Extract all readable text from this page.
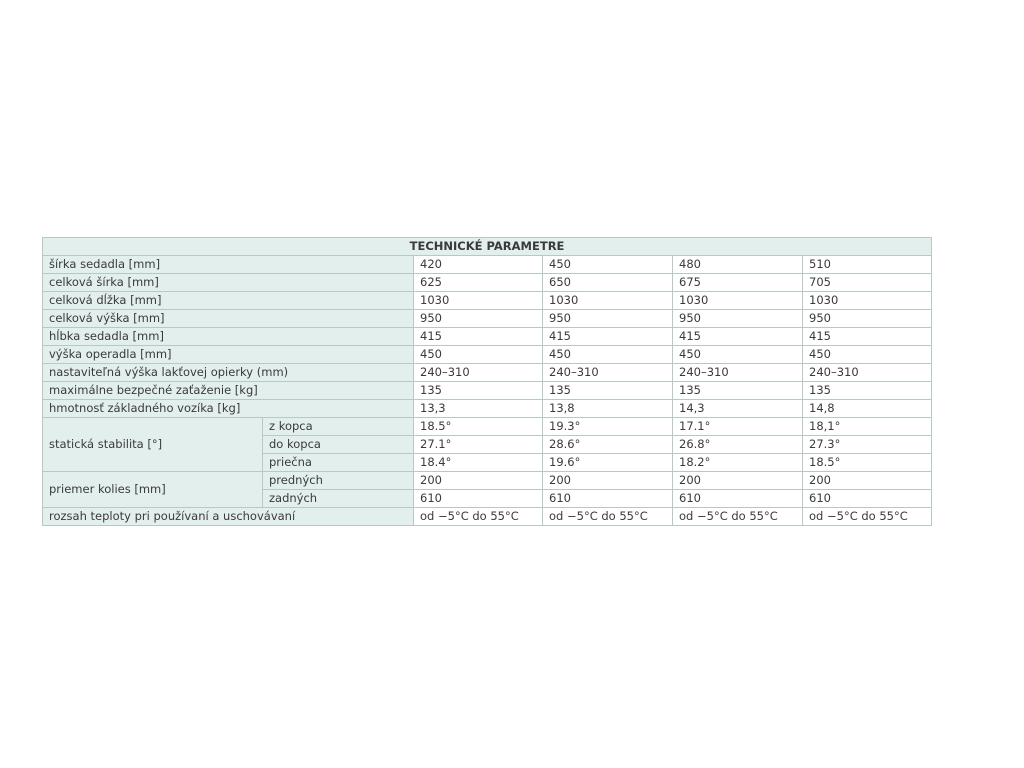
TECHNICKÉ PARAMETRE					
šírka sedadla [mm]		420	450	480	510
celková šírka [mm]		625	650	675	705
celková dĺžka [mm]		1030	1030	1030	1030
celková výška [mm]		950	950	950	950
hĺbka sedadla [mm]		415	415	415	415
výška operadla [mm]		450	450	450	450
nastaviteľná výška lakťovej opierky (mm)		240–310	240–310	240–310	240–310
maximálne bezpečné zaťaženie [kg]		135	135	135	135
hmotnosť základného vozíka [kg]		13,3	13,8	14,3	14,8
statická stabilita [°]	z kopca	18.5°	19.3°	17.1°	18,1°
	do kopca	27.1°	28.6°	26.8°	27.3°
	priečna	18.4°	19.6°	18.2°	18.5°
priemer kolies [mm]	predných	200	200	200	200
	zadných	610	610	610	610
rozsah teploty pri používaní a uschovávaní		od −5°C do 55°C	od −5°C do 55°C	od −5°C do 55°C	od −5°C do 55°C
